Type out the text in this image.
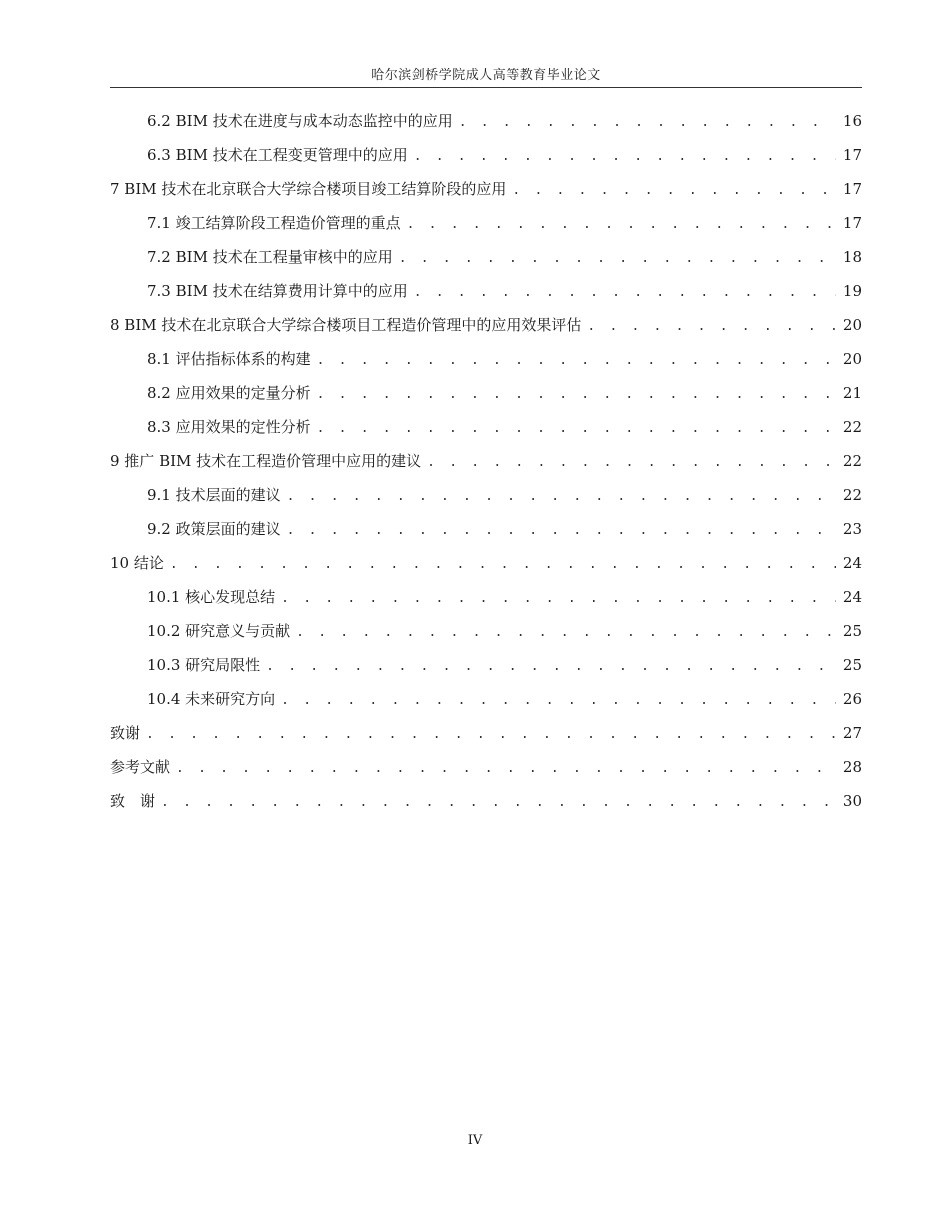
哈尔滨剑桥学院成人高等教育毕业论文
6.2 BIM 技术在进度与成本动态监控中的应用 . . .	16
6.3 BIM 技术在工程变更管理中的应用 . . .	17
7 BIM 技术在北京联合大学综合楼项目竣工结算阶段的应用 . . .	17
7.1 竣工结算阶段工程造价管理的重点 . . .	17
7.2 BIM 技术在工程量审核中的应用 . . .	18
7.3 BIM 技术在结算费用计算中的应用 . . .	19
8 BIM 技术在北京联合大学综合楼项目工程造价管理中的应用效果评估 . . .	20
8.1 评估指标体系的构建 . . .	20
8.2 应用效果的定量分析 . . .	21
8.3 应用效果的定性分析 . . .	22
9 推广 BIM 技术在工程造价管理中应用的建议 . . .	22
9.1 技术层面的建议 . . .	22
9.2 政策层面的建议 . . .	23
10 结论 . . .	24
10.1 核心发现总结 . . .	24
10.2 研究意义与贡献 . . .	25
10.3 研究局限性 . . .	25
10.4 未来研究方向 . . .	26
致谢 . . .	27
参考文献 . . .	28
致　谢 . . .	30
IV
